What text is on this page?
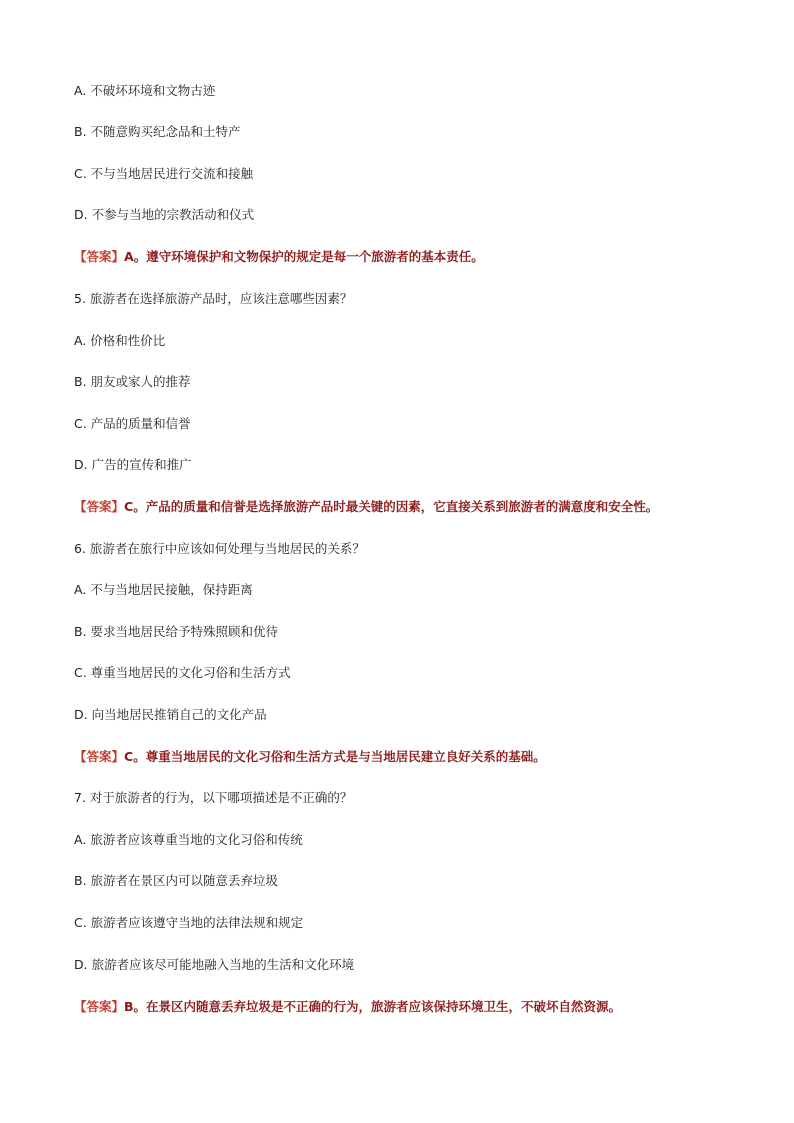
A. 不破坏环境和文物古迹
B. 不随意购买纪念品和土特产
C. 不与当地居民进行交流和接触
D. 不参与当地的宗教活动和仪式
【答案】A。遵守环境保护和文物保护的规定是每一个旅游者的基本责任。
5. 旅游者在选择旅游产品时，应该注意哪些因素？
A. 价格和性价比
B. 朋友或家人的推荐
C. 产品的质量和信誉
D. 广告的宣传和推广
【答案】C。产品的质量和信誉是选择旅游产品时最关键的因素，它直接关系到旅游者的满意度和安全性。
6. 旅游者在旅行中应该如何处理与当地居民的关系？
A. 不与当地居民接触，保持距离
B. 要求当地居民给予特殊照顾和优待
C. 尊重当地居民的文化习俗和生活方式
D. 向当地居民推销自己的文化产品
【答案】C。尊重当地居民的文化习俗和生活方式是与当地居民建立良好关系的基础。
7. 对于旅游者的行为，以下哪项描述是不正确的？
A. 旅游者应该尊重当地的文化习俗和传统
B. 旅游者在景区内可以随意丢弃垃圾
C. 旅游者应该遵守当地的法律法规和规定
D. 旅游者应该尽可能地融入当地的生活和文化环境
【答案】B。在景区内随意丢弃垃圾是不正确的行为，旅游者应该保持环境卫生，不破坏自然资源。
